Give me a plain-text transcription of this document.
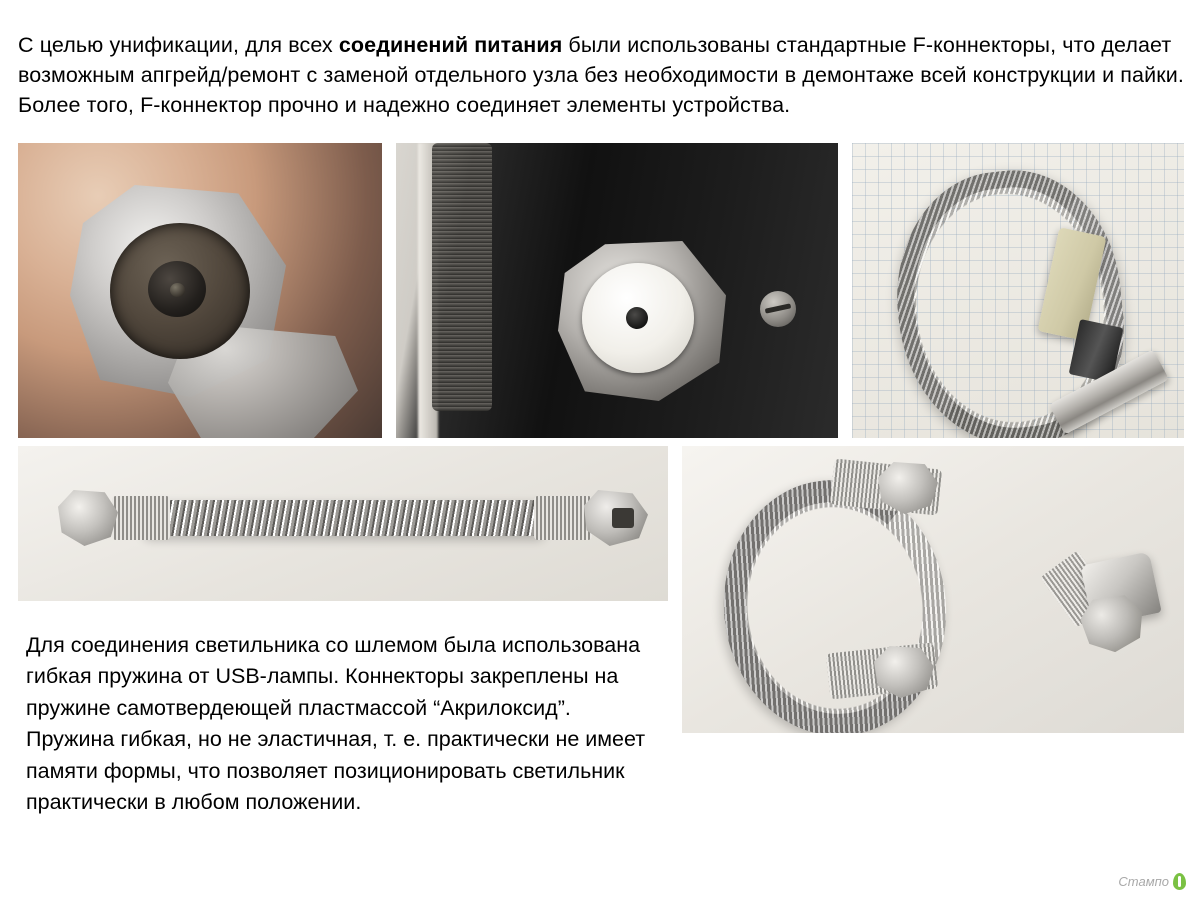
С целью унификации, для всех соединений питания были использованы стандартные F-коннекторы, что делает возможным апгрейд/ремонт с заменой отдельного узла без необходимости в демонтаже всей конструкции и пайки. Более того, F-коннектор прочно и надежно соединяет элементы устройства.

Для соединения светильника со шлемом была использована гибкая пружина от USB-лампы. Коннекторы закреплены на пружине самотвердеющей пластмассой “Акрилоксид”. Пружина гибкая, но не эластичная, т. е. практически не имеет памяти формы, что позволяет позиционировать светильник практически в любом положении.

Стампо
